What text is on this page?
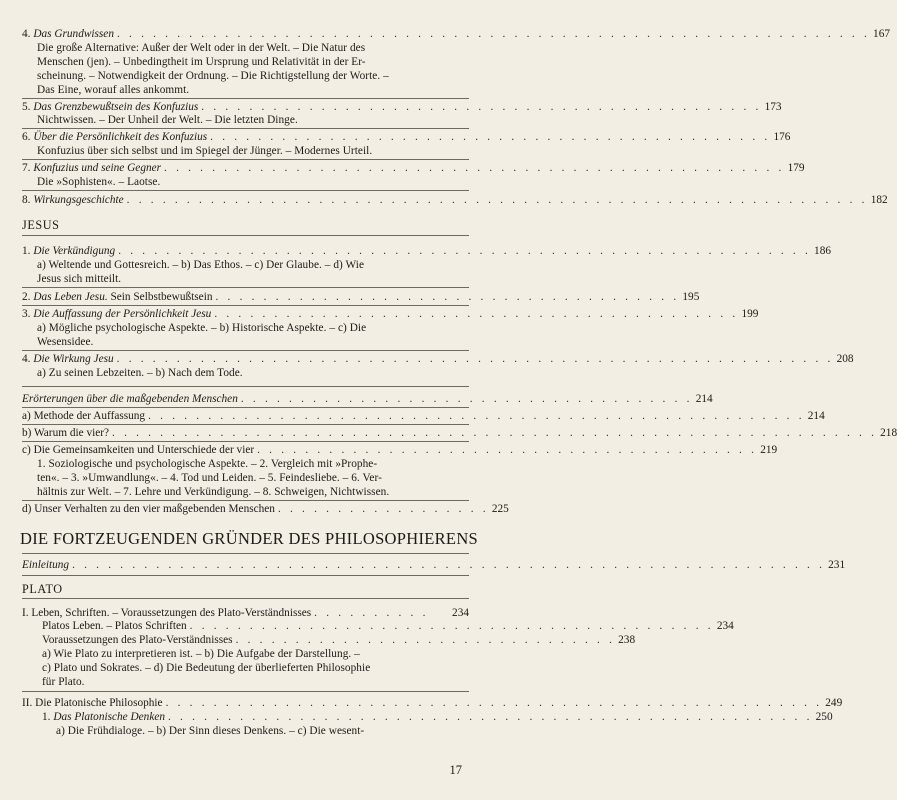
4. Das Grundwissen . . . . . . . . . . . . . . . . . . . . . . . . . . . . . . . . . . . . . . . . . . . . . . . . . . . . . . . . . . . . . . . 167
Die große Alternative: Außer der Welt oder in der Welt. – Die Natur des
Menschen (jen). – Unbedingtheit im Ursprung und Relativität in der Er-
scheinung. – Notwendigkeit der Ordnung. – Die Richtigstellung der Worte. –
Das Eine, worauf alles ankommt.
5. Das Grenzbewußtsein des Konfuzius . . . . . . . . . . . . . . . . . . . . . . . . . . . . . . . . . . . . . . . . . . . . . . . 173
Nichtwissen. – Der Unheil der Welt. – Die letzten Dinge.
6. Über die Persönlichkeit des Konfuzius . . . . . . . . . . . . . . . . . . . . . . . . . . . . . . . . . . . . . . . . . . . . . . . 176
Konfuzius über sich selbst und im Spiegel der Jünger. – Modernes Urteil.
7. Konfuzius und seine Gegner . . . . . . . . . . . . . . . . . . . . . . . . . . . . . . . . . . . . . . . . . . . . . . . . . . . . 179
Die »Sophisten«. – Laotse.
8. Wirkungsgeschichte . . . . . . . . . . . . . . . . . . . . . . . . . . . . . . . . . . . . . . . . . . . . . . . . . . . . . . . . . . . . . . 182
JESUS
1. Die Verkündigung . . . . . . . . . . . . . . . . . . . . . . . . . . . . . . . . . . . . . . . . . . . . . . . . . . . . . . . . . . 186
a) Weltende und Gottesreich. – b) Das Ethos. – c) Der Glaube. – d) Wie
Jesus sich mitteilt.
2. Das Leben Jesu. Sein Selbstbewußtsein . . . . . . . . . . . . . . . . . . . . . . . . . . . . . . . . . . . . . . . 195
3. Die Auffassung der Persönlichkeit Jesu . . . . . . . . . . . . . . . . . . . . . . . . . . . . . . . . . . . . . . . . . . . . 199
a) Mögliche psychologische Aspekte. – b) Historische Aspekte. – c) Die
Wesensidee.
4. Die Wirkung Jesu . . . . . . . . . . . . . . . . . . . . . . . . . . . . . . . . . . . . . . . . . . . . . . . . . . . . . . . . . . . . 208
a) Zu seinen Lebzeiten. – b) Nach dem Tode.
Erörterungen über die maßgebenden Menschen . . . . . . . . . . . . . . . . . . . . . . . . . . . . . . . . . . . . . . 214
a) Methode der Auffassung . . . . . . . . . . . . . . . . . . . . . . . . . . . . . . . . . . . . . . . . . . . . . . . . . . . . . . . 214
b) Warum die vier? . . . . . . . . . . . . . . . . . . . . . . . . . . . . . . . . . . . . . . . . . . . . . . . . . . . . . . . . . . . . . . . . 218
c) Die Gemeinsamkeiten und Unterschiede der vier . . . . . . . . . . . . . . . . . . . . . . . . . . . . . . . . . . . . . . . . . . 219
1. Soziologische und psychologische Aspekte. – 2. Vergleich mit »Prophe-
ten«. – 3. »Umwandlung«. – 4. Tod und Leiden. – 5. Feindesliebe. – 6. Ver-
hältnis zur Welt. – 7. Lehre und Verkündigung. – 8. Schweigen, Nichtwissen.
d) Unser Verhalten zu den vier maßgebenden Menschen . . . . . . . . . . . . . . . . . . 225
DIE FORTZEUGENDEN GRÜNDER DES PHILOSOPHIERENS
Einleitung . . . . . . . . . . . . . . . . . . . . . . . . . . . . . . . . . . . . . . . . . . . . . . . . . . . . . . . . . . . . . . . 231
PLATO
I. Leben, Schriften. – Voraussetzungen des Plato-Verständnisses . . . . . . . . . .	234
Platos Leben. – Platos Schriften . . . . . . . . . . . . . . . . . . . . . . . . . . . . . . . . . . . . . . . . . . . . 234
Voraussetzungen des Plato-Verständnisses . . . . . . . . . . . . . . . . . . . . . . . . . . . . . . . . 238
a) Wie Plato zu interpretieren ist. – b) Die Aufgabe der Darstellung. –
c) Plato und Sokrates. – d) Die Bedeutung der überlieferten Philosophie
für Plato.
II. Die Platonische Philosophie . . . . . . . . . . . . . . . . . . . . . . . . . . . . . . . . . . . . . . . . . . . . . . . . . . . . . . . 249
1. Das Platonische Denken . . . . . . . . . . . . . . . . . . . . . . . . . . . . . . . . . . . . . . . . . . . . . . . . . . . . . . 250
a) Die Frühdialoge. – b) Der Sinn dieses Denkens. – c) Die wesent-
17
